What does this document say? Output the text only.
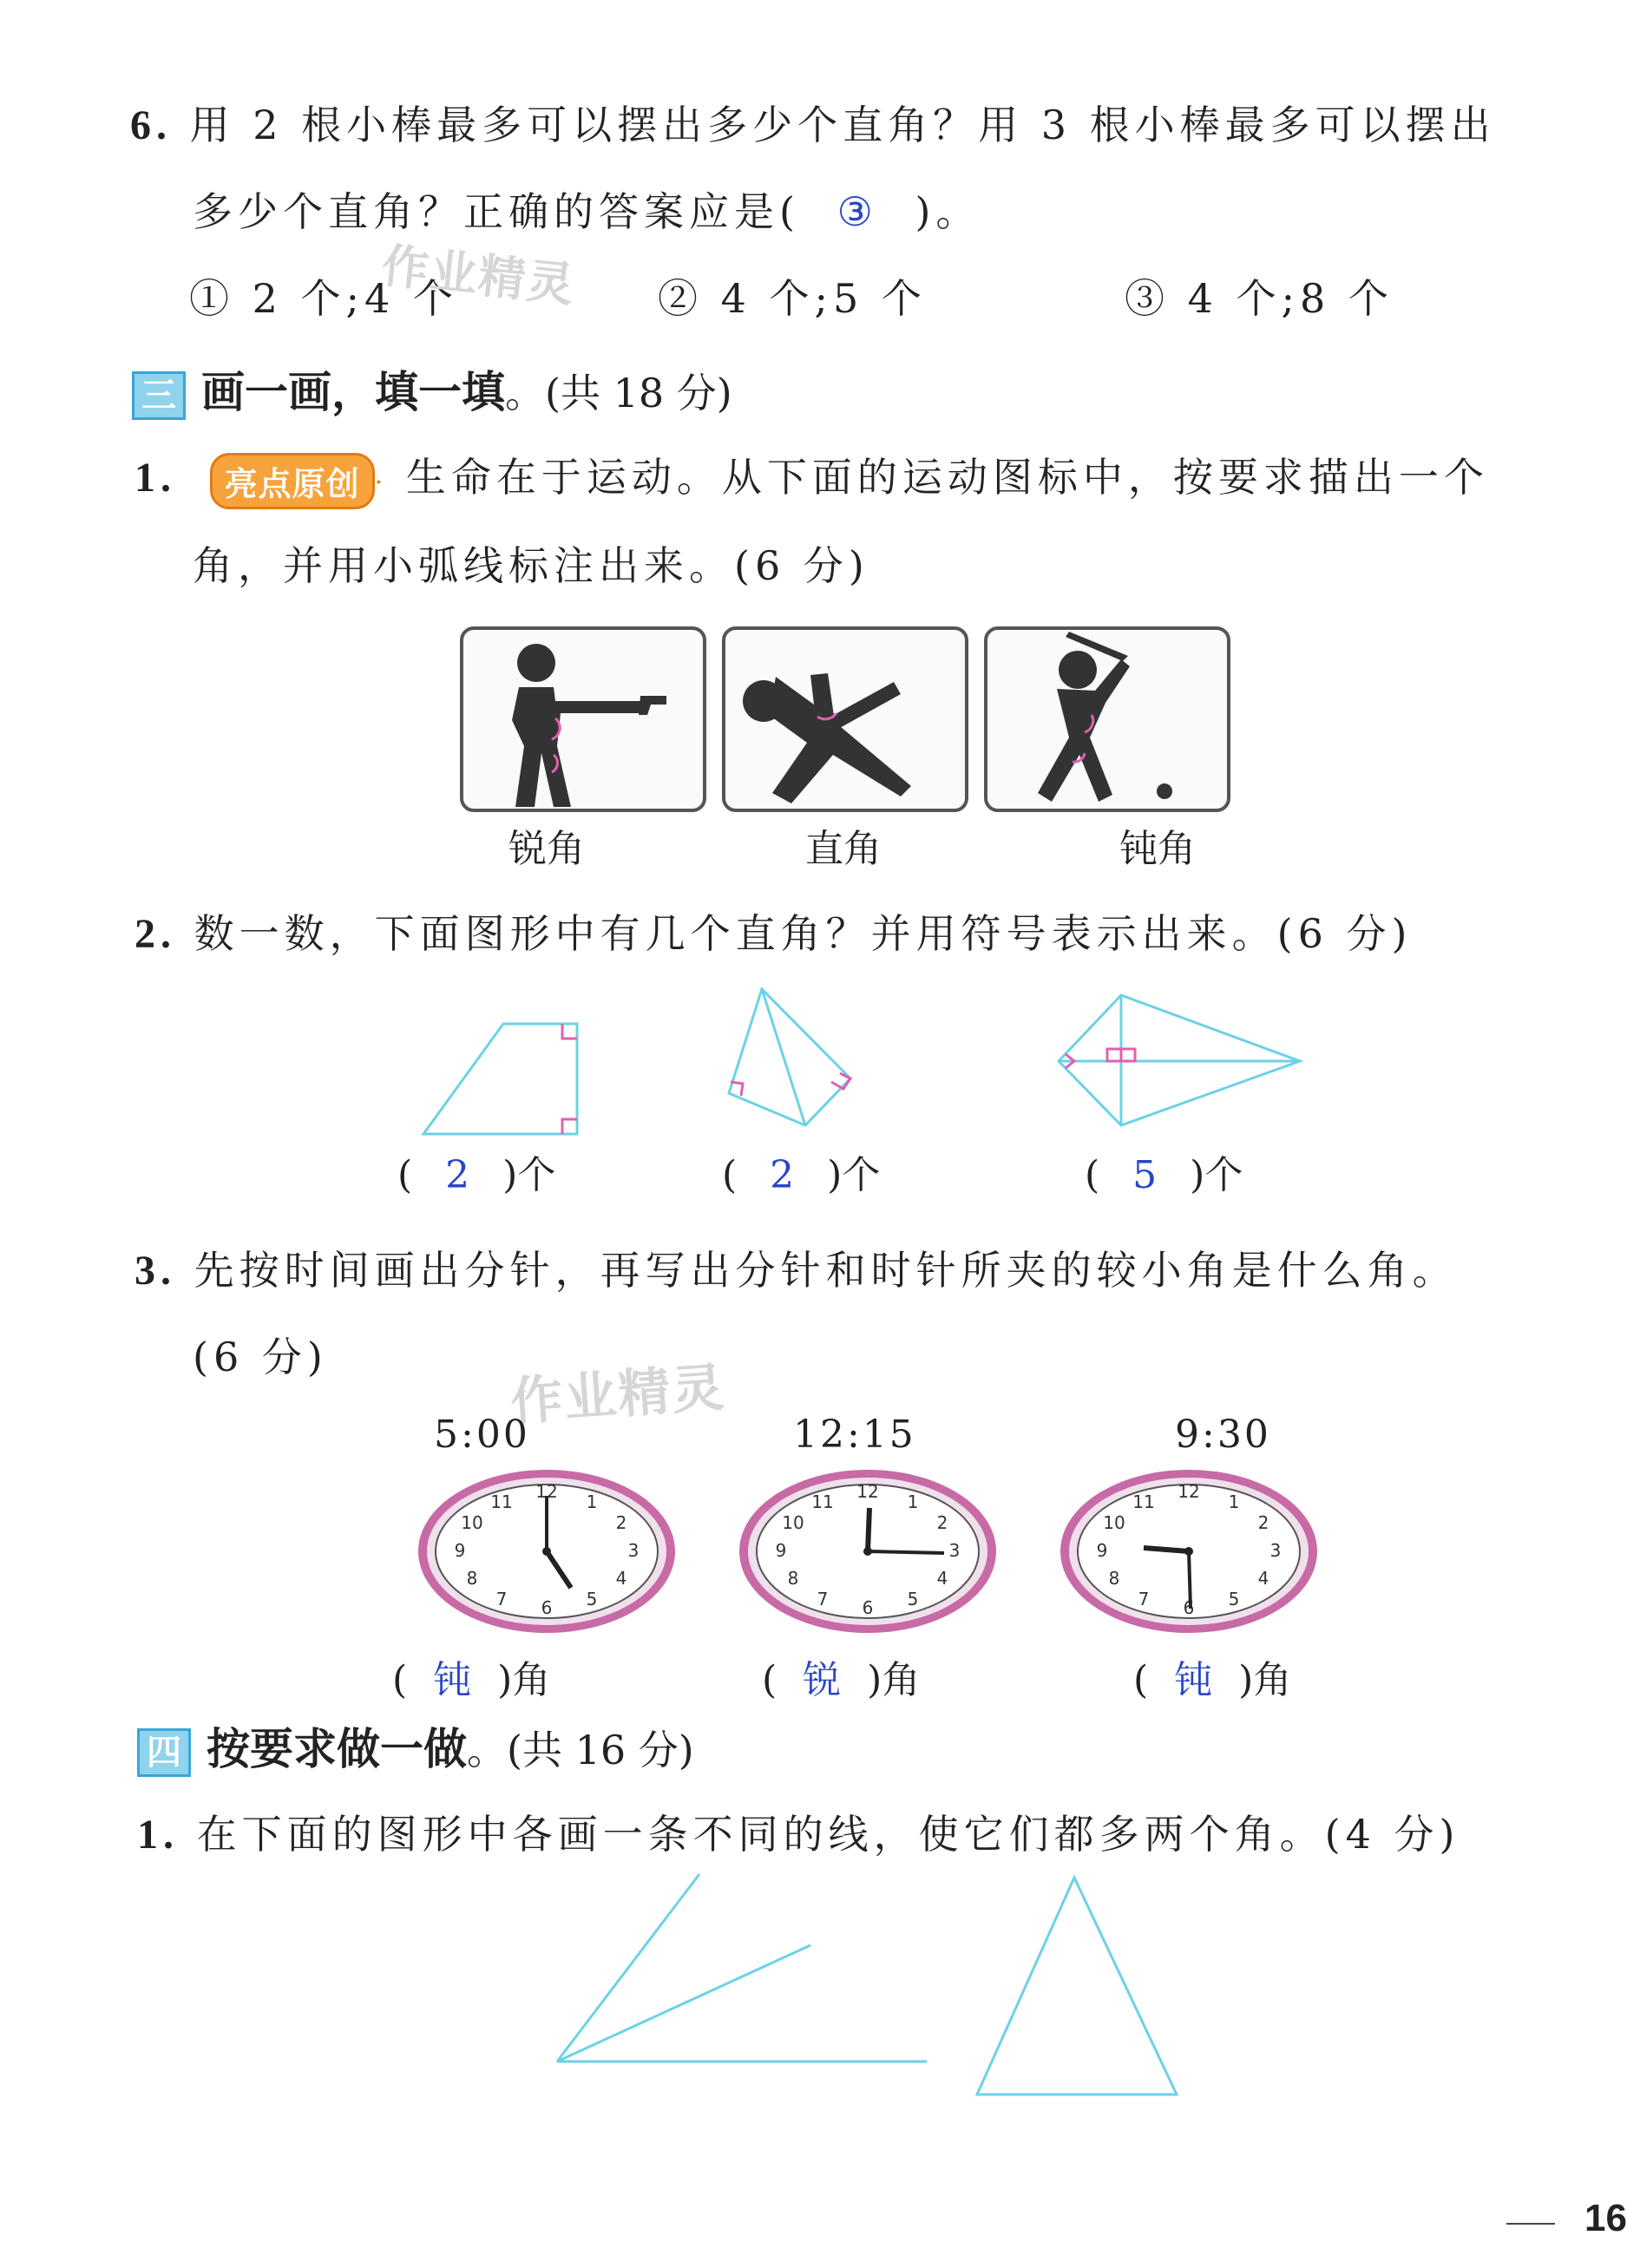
6. 用 2 根小棒最多可以摆出多少个直角？用 3 根小棒最多可以摆出
多少个直角？正确的答案应是( ③ )。
① 2 个;4 个	② 4 个;5 个	③ 4 个;8 个
作业精灵
三 画一画，填一填。(共 18 分)
1. 亮点原创 · 生命在于运动。从下面的运动图标中，按要求描出一个
角，并用小弧线标注出来。(6 分)
锐角	直角	钝角
2. 数一数，下面图形中有几个直角？并用符号表示出来。(6 分)
( 2 )个	( 2 )个	( 5 )个
3. 先按时间画出分针，再写出分针和时针所夹的较小角是什么角。
(6 分)
作业精灵
5:00	12:15	9:30
( 钝 )角	( 锐 )角	( 钝 )角
四 按要求做一做。(共 16 分)
1. 在下面的图形中各画一条不同的线，使它们都多两个角。(4 分)
16
